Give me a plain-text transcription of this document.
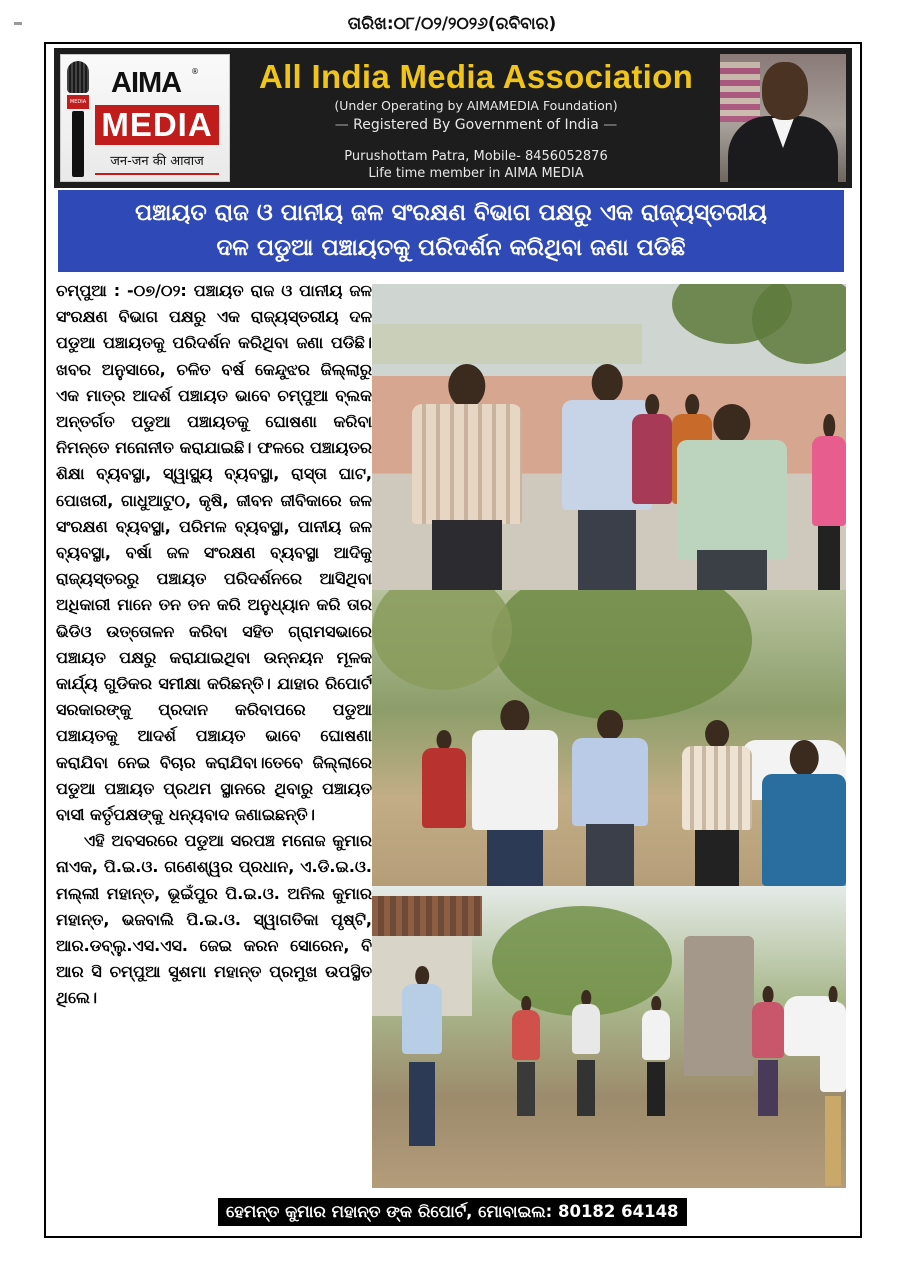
ତାରିଖ:୦୮/୦୨/୨୦୨୬(ରବିବାର)
MEDIA
AIMA ®
MEDIA
जन-जन की आवाज
All India Media Association
(Under Operating by AIMAMEDIA Foundation)
— Registered By Government of India —
Purushottam Patra, Mobile- 8456052876
Life time member in AIMA MEDIA
ପଞ୍ଚାୟତ ରାଜ ଓ ପାନୀୟ ଜଳ ସଂରକ୍ଷଣ ବିଭାଗ ପକ୍ଷରୁ ଏକ ରାଜ୍ୟସ୍ତରୀୟ
ଦଳ ପଡୁଆ ପଞ୍ଚାୟତକୁ ପରିଦର୍ଶନ କରିଥିବା ଜଣା ପଡିଛି

ଚମ୍ପୁଆ : -୦୭/୦୨: ପଞ୍ଚାୟତ ରାଜ ଓ ପାନୀୟ ଜଳ ସଂରକ୍ଷଣ ବିଭାଗ ପକ୍ଷରୁ ଏକ ରାଜ୍ୟସ୍ତରୀୟ ଦଳ ପଡୁଆ ପଞ୍ଚାୟତକୁ ପରିଦର୍ଶନ କରିଥିବା ଜଣା ପଡିଛି। ଖବର ଅନୁସାରେ, ଚଳିତ ବର୍ଷ କେନ୍ଦୁଝର ଜିଲ୍ଲାରୁ ଏକ ମାତ୍ର ଆଦର୍ଶ ପଞ୍ଚାୟତ ଭାବେ ଚମ୍ପୁଆ ବ୍ଲକ ଅନ୍ତର୍ଗତ ପଡୁଆ ପଞ୍ଚାୟତକୁ ଘୋଷଣା କରିବା ନିମନ୍ତେ ମନୋନୀତ କରାଯାଇଛି। ଫଳରେ ପଞ୍ଚାୟତର ଶିକ୍ଷା ବ୍ୟବସ୍ଥା, ସ୍ୱାସ୍ଥ୍ୟ ବ୍ୟବସ୍ଥା, ରାସ୍ତା ଘାଟ, ପୋଖରୀ, ଗାଧୁଆଟୁଠ, କୃଷି, ଜୀବନ ଜୀବିକାରେ ଜଳ ସଂରକ୍ଷଣ ବ୍ୟବସ୍ଥା, ପରିମଳ ବ୍ୟବସ୍ଥା, ପାନୀୟ ଜଳ ବ୍ୟବସ୍ଥା, ବର୍ଷା ଜଳ ସଂରକ୍ଷଣ ବ୍ୟବସ୍ଥା ଆଦିକୁ ରାଜ୍ୟସ୍ତରରୁ ପଞ୍ଚାୟତ ପରିଦର୍ଶନରେ ଆସିଥିବା ଅଧିକାରୀ ମାନେ ତନ ତନ କରି ଅନୁଧ୍ୟାନ କରି ତାର ଭିଡିଓ ଉତ୍ତୋଳନ କରିବା ସହିତ ଗ୍ରାମସଭାରେ ପଞ୍ଚାୟତ ପକ୍ଷରୁ କରାଯାଇଥିବା ଉନ୍ନୟନ ମୂଳକ କାର୍ଯ୍ୟ ଗୁଡିକର ସମୀକ୍ଷା କରିଛନ୍ତି। ଯାହାର ରିପୋର୍ଟ ସରକାରଙ୍କୁ ପ୍ରଦାନ କରିବାପରେ ପଡୁଆ ପଞ୍ଚାୟତକୁ ଆଦର୍ଶ ପଞ୍ଚାୟତ ଭାବେ ଘୋଷଣା କରାଯିବା ନେଇ ବିଚାର କରାଯିବା।ତେବେ ଜିଲ୍ଲାରେ ପଡୁଆ ପଞ୍ଚାୟତ ପ୍ରଥମ ସ୍ଥାନରେ ଥିବାରୁ ପଞ୍ଚାୟତ ବାସୀ କର୍ତୃପକ୍ଷଙ୍କୁ ଧନ୍ୟବାଦ ଜଣାଇଛନ୍ତି।

ଏହି ଅବସରରେ ପଡୁଆ ସରପଞ୍ଚ ମନୋଜ କୁମାର ନାଏକ, ପି.ଇ.ଓ. ଗଣେଶ୍ୱର ପ୍ରଧାନ, ଏ.ଡି.ଇ.ଓ. ମଲ୍ଲୀ ମହାନ୍ତ, ଭୂଇଁପୁର ପି.ଇ.ଓ. ଅନିଲ କୁମାର ମହାନ୍ତ, ଭଜବାଲି ପି.ଇ.ଓ. ସ୍ୱାଗତିକା ପୃଷ୍ଟି, ଆର.ଡବ୍ଲୁ.ଏସ.ଏସ. ଜେଇ କରନ ସୋରେନ, ବି ଆର ସି ଚମ୍ପୁଆ ସୁଶମା ମହାନ୍ତ ପ୍ରମୁଖ ଉପସ୍ଥିତ ଥିଲେ।

ହେମନ୍ତ କୁମାର ମହାନ୍ତ ଙ୍କ ରିପୋର୍ଟ, ମୋବାଇଲ: 80182 64148
